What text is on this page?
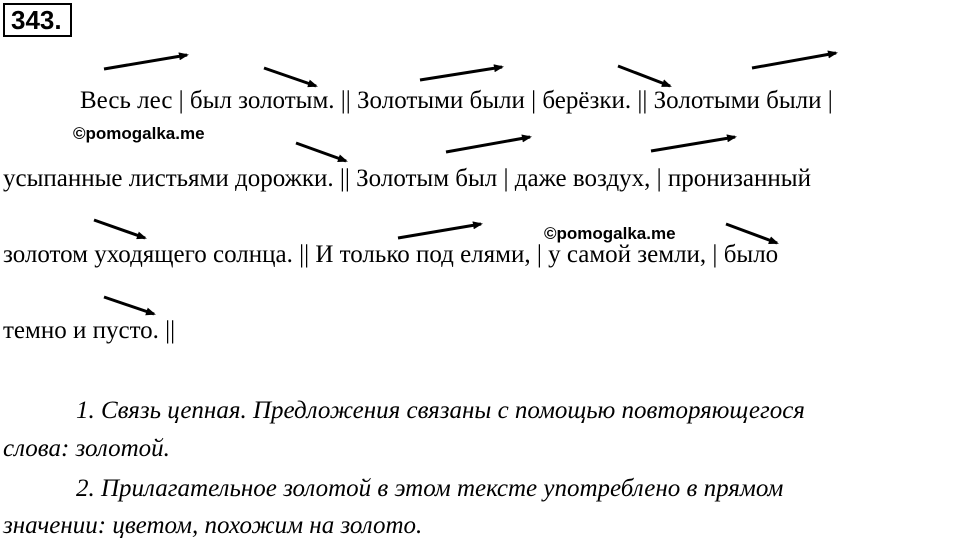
343.
Весь лес | был золотым. || Золотыми были | берёзки. || Золотыми были |
©pomogalka.me
усыпанные листьями дорожки. || Золотым был | даже воздух, | пронизанный
©pomogalka.me
золотом уходящего солнца. || И только под елями, | у самой земли, | было
темно и пусто. ||
1. Связь цепная. Предложения связаны с помощью повторяющегося
слова: золотой.
2. Прилагательное золотой в этом тексте употреблено в прямом
значении: цветом, похожим на золото.
